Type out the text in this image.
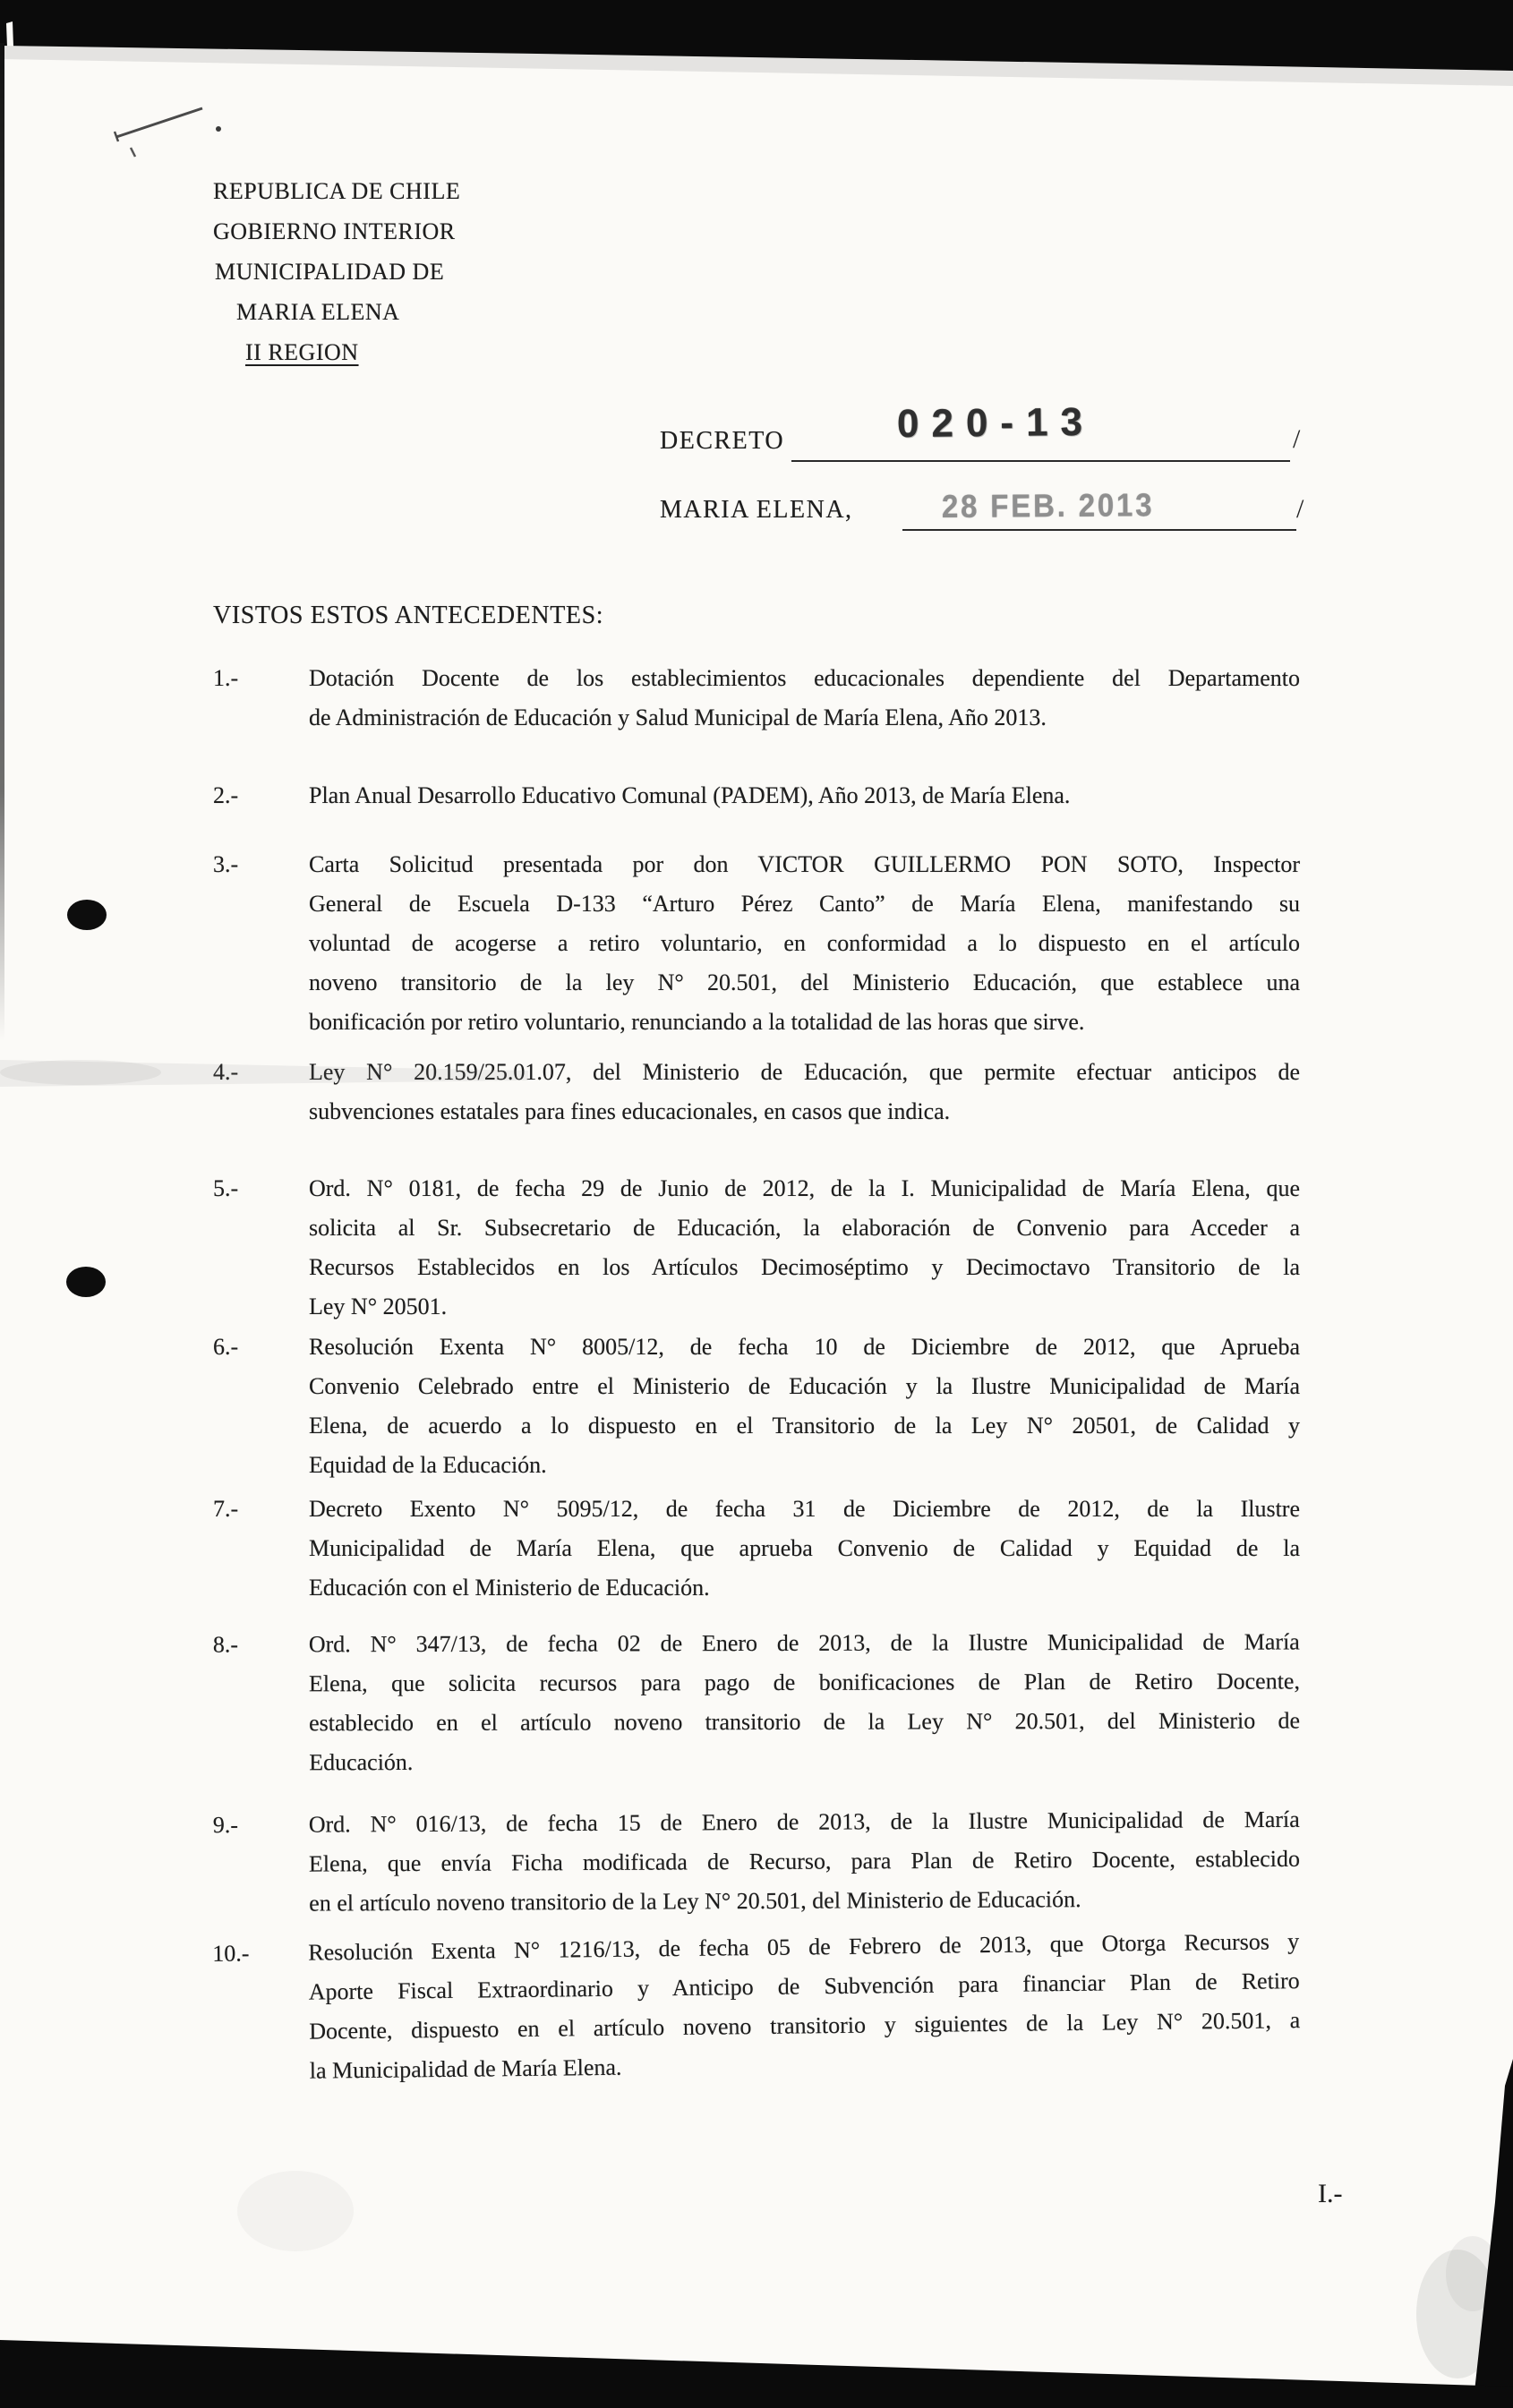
REPUBLICA DE CHILE
GOBIERNO INTERIOR
MUNICIPALIDAD DE
MARIA ELENA
II REGION
DECRETO	020-13	/
MARIA ELENA,	28 FEB. 2013	/
VISTOS ESTOS ANTECEDENTES:
1.-	Dotación Docente de los establecimientos educacionales dependiente del Departamento
de Administración de Educación y Salud Municipal de María Elena, Año 2013.
2.-	Plan Anual Desarrollo Educativo Comunal (PADEM), Año 2013, de María Elena.
3.-	Carta Solicitud presentada por don VICTOR GUILLERMO PON SOTO, Inspector
General de Escuela D-133 “Arturo Pérez Canto” de María Elena, manifestando su
voluntad de acogerse a retiro voluntario, en conformidad a lo dispuesto en el artículo
noveno transitorio de la ley N° 20.501, del Ministerio Educación, que establece una
bonificación por retiro voluntario, renunciando a la totalidad de las horas que sirve.
4.-	Ley N° 20.159/25.01.07, del Ministerio de Educación, que permite efectuar anticipos de
subvenciones estatales para fines educacionales, en casos que indica.
5.-	Ord. N° 0181, de fecha 29 de Junio de 2012, de la I. Municipalidad de María Elena, que
solicita al Sr. Subsecretario de Educación, la elaboración de Convenio para Acceder a
Recursos Establecidos en los Artículos Decimoséptimo y Decimoctavo Transitorio de la
Ley N° 20501.
6.-	Resolución Exenta N° 8005/12, de fecha 10 de Diciembre de 2012, que Aprueba
Convenio Celebrado entre el Ministerio de Educación y la Ilustre Municipalidad de María
Elena, de acuerdo a lo dispuesto en el Transitorio de la Ley N° 20501, de Calidad y
Equidad de la Educación.
7.-	Decreto Exento N° 5095/12, de fecha 31 de Diciembre de 2012, de la Ilustre
Municipalidad de María Elena, que aprueba Convenio de Calidad y Equidad de la
Educación con el Ministerio de Educación.
8.-	Ord. N° 347/13, de fecha 02 de Enero de 2013, de la Ilustre Municipalidad de María
Elena, que solicita recursos para pago de bonificaciones de Plan de Retiro Docente,
establecido en el artículo noveno transitorio de la Ley N° 20.501, del Ministerio de
Educación.
9.-	Ord. N° 016/13, de fecha 15 de Enero de 2013, de la Ilustre Municipalidad de María
Elena, que envía Ficha modificada de Recurso, para Plan de Retiro Docente, establecido
en el artículo noveno transitorio de la Ley N° 20.501, del Ministerio de Educación.
10.-	Resolución Exenta N° 1216/13, de fecha 05 de Febrero de 2013, que Otorga Recursos y
Aporte Fiscal Extraordinario y Anticipo de Subvención para financiar Plan de Retiro
Docente, dispuesto en el artículo noveno transitorio y siguientes de la Ley N° 20.501, a
la Municipalidad de María Elena.
I.-
